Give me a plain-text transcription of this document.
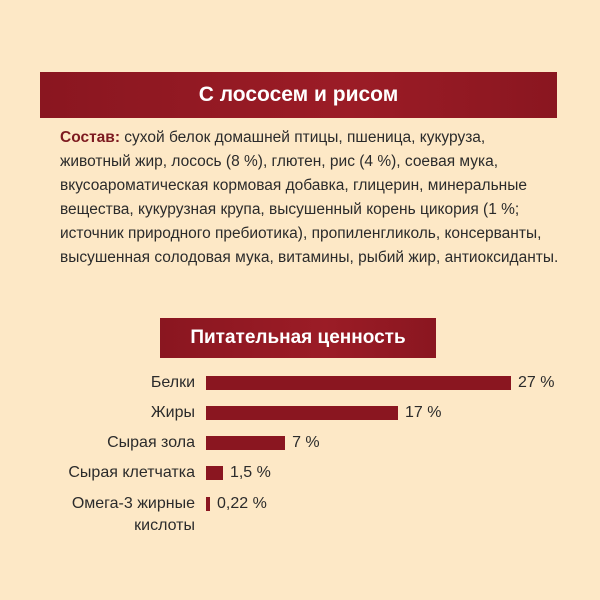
С лососем и рисом

Состав: сухой белок домашней птицы, пшеница, кукуруза, животный жир, лосось (8 %), глютен, рис (4 %), соевая мука, вкусоароматическая кормовая добавка, глицерин, минеральные вещества, кукурузная крупа, высушенный корень цикория (1 %; источник природного пребиотика), пропиленгликоль, консерванты, высушенная солодовая мука, витамины, рыбий жир, антиоксиданты.

Питательная ценность
Белки	27 %
Жиры	17 %
Сырая зола	7 %
Сырая клетчатка 1,5 %
Омега-3 жирные
кислоты
0,22 %
